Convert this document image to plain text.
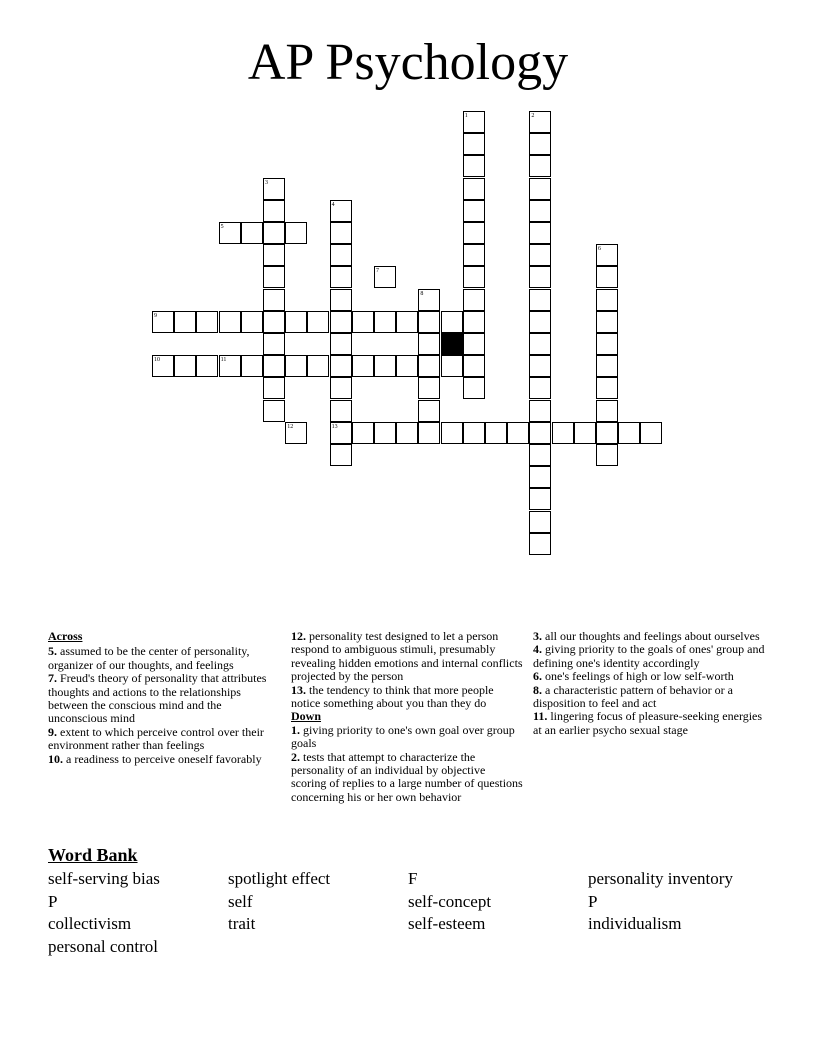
AP Psychology
1	2
3
4
5
6
7
8
9
10	11
12	13

Across

5. assumed to be the center of personality, organizer of our thoughts, and feelings

7. Freud's theory of personality that attributes thoughts and actions to the relationships between the conscious mind and the unconscious mind

9. extent to which perceive control over their environment rather than feelings

10. a readiness to perceive oneself favorably

12. personality test designed to let a person respond to ambiguous stimuli, presumably revealing hidden emotions and internal conflicts projected by the person

13. the tendency to think that more people notice something about you than they do

Down

1. giving priority to one's own goal over group goals

2. tests that attempt to characterize the personality of an individual by objective scoring of replies to a large number of questions concerning his or her own behavior

3. all our thoughts and feelings about ourselves

4. giving priority to the goals of ones' group and defining one's identity accordingly

6. one's feelings of high or low self-worth

8. a characteristic pattern of behavior or a disposition to feel and act

11. lingering focus of pleasure-seeking energies at an earlier psycho sexual stage

Word Bank
self-serving bias	spotlight effect	F	personality inventory
P	self	self-concept	P
collectivism	trait	self-esteem	individualism
personal control
